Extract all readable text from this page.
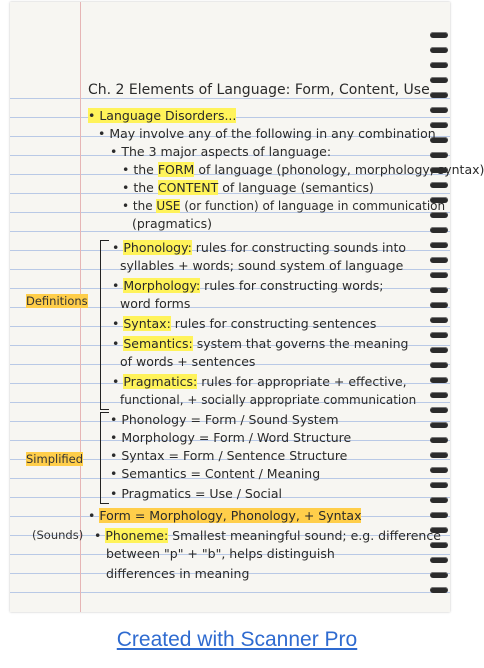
Ch. 2 Elements of Language: Form, Content, Use
• Language Disorders...
• May involve any of the following in any combination
• The 3 major aspects of language:
• the FORM of language (phonology, morphology, syntax)
• the CONTENT of language (semantics)
• the USE (or function) of language in communication
(pragmatics)
Definitions
• Phonology: rules for constructing sounds into
syllables + words; sound system of language
• Morphology: rules for constructing words;
word forms
• Syntax: rules for constructing sentences
• Semantics: system that governs the meaning
of words + sentences
• Pragmatics: rules for appropriate + effective,
functional, + socially appropriate communication
Simplified
• Phonology = Form / Sound System
• Morphology = Form / Word Structure
• Syntax = Form / Sentence Structure
• Semantics = Content / Meaning
• Pragmatics = Use / Social
• Form = Morphology, Phonology, + Syntax
(Sounds) • Phoneme: Smallest meaningful sound; e.g. difference
between "p" + "b", helps distinguish
differences in meaning
Created with Scanner Pro
